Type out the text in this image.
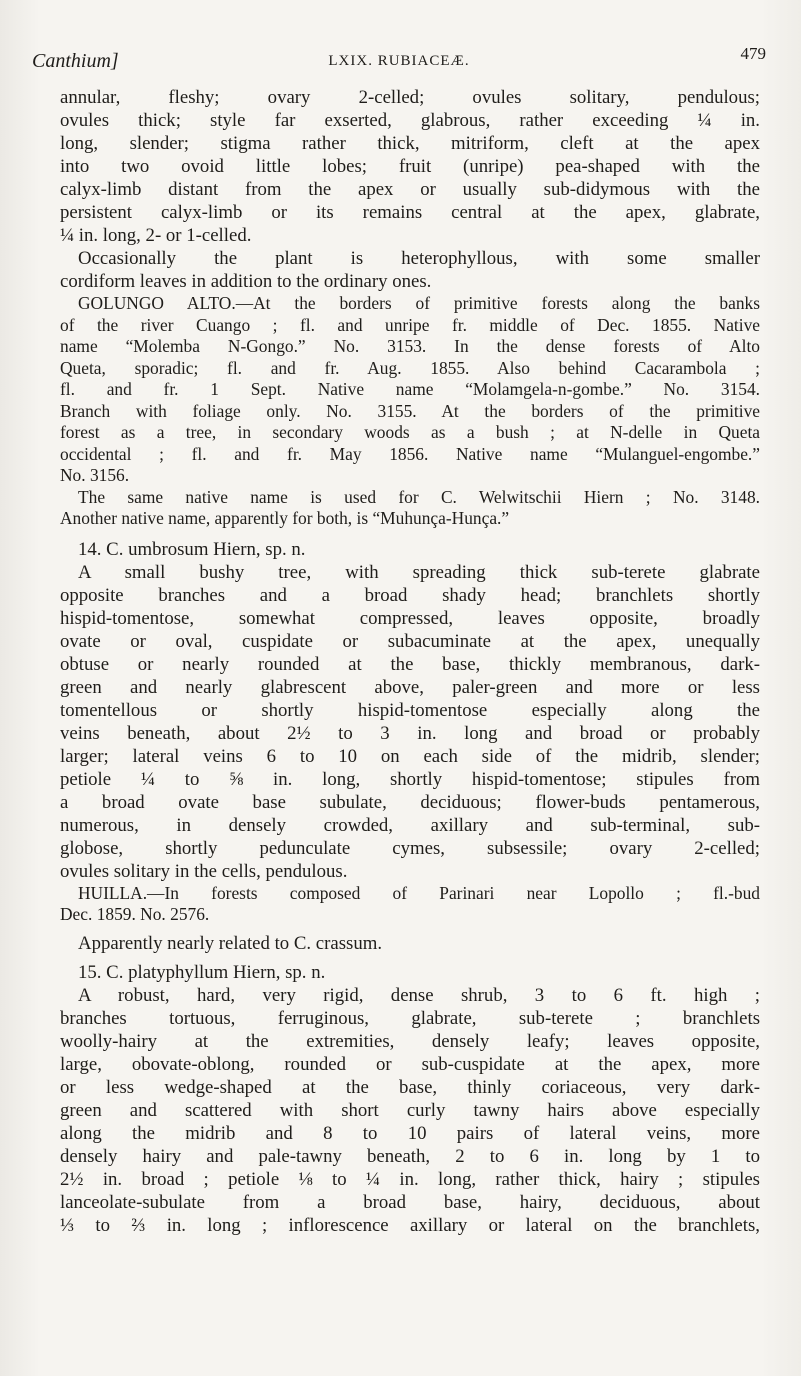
Canthium]	LXIX. RUBIACEÆ.	479

annular, fleshy; ovary 2-celled; ovules solitary, pendulous;

ovules thick; style far exserted, glabrous, rather exceeding ¼ in.

long, slender; stigma rather thick, mitriform, cleft at the apex

into two ovoid little lobes; fruit (unripe) pea-shaped with the

calyx-limb distant from the apex or usually sub-didymous with the

persistent calyx-limb or its remains central at the apex, glabrate,

¼ in. long, 2- or 1-celled.

Occasionally the plant is heterophyllous, with some smaller

cordiform leaves in addition to the ordinary ones.

GOLUNGO ALTO.—At the borders of primitive forests along the banks

of the river Cuango ; fl. and unripe fr. middle of Dec. 1855. Native

name “Molemba N-Gongo.” No. 3153. In the dense forests of Alto

Queta, sporadic; fl. and fr. Aug. 1855. Also behind Cacarambola ;

fl. and fr. 1 Sept. Native name “Molamgela-n-gombe.” No. 3154.

Branch with foliage only. No. 3155. At the borders of the primitive

forest as a tree, in secondary woods as a bush ; at N-delle in Queta

occidental ; fl. and fr. May 1856. Native name “Mulanguel-engombe.”

No. 3156.

The same native name is used for C. Welwitschii Hiern ; No. 3148.

Another native name, apparently for both, is “Muhunça-Hunça.”

14. C. umbrosum Hiern, sp. n.

A small bushy tree, with spreading thick sub-terete glabrate

opposite branches and a broad shady head; branchlets shortly

hispid-tomentose, somewhat compressed, leaves opposite, broadly

ovate or oval, cuspidate or subacuminate at the apex, unequally

obtuse or nearly rounded at the base, thickly membranous, dark-

green and nearly glabrescent above, paler-green and more or less

tomentellous or shortly hispid-tomentose especially along the

veins beneath, about 2½ to 3 in. long and broad or probably

larger; lateral veins 6 to 10 on each side of the midrib, slender;

petiole ¼ to ⅝ in. long, shortly hispid-tomentose; stipules from

a broad ovate base subulate, deciduous; flower-buds pentamerous,

numerous, in densely crowded, axillary and sub-terminal, sub-

globose, shortly pedunculate cymes, subsessile; ovary 2-celled;

ovules solitary in the cells, pendulous.

HUILLA.—In forests composed of Parinari near Lopollo ; fl.-bud

Dec. 1859. No. 2576.

Apparently nearly related to C. crassum.

15. C. platyphyllum Hiern, sp. n.

A robust, hard, very rigid, dense shrub, 3 to 6 ft. high ;

branches tortuous, ferruginous, glabrate, sub-terete ; branchlets

woolly-hairy at the extremities, densely leafy; leaves opposite,

large, obovate-oblong, rounded or sub-cuspidate at the apex, more

or less wedge-shaped at the base, thinly coriaceous, very dark-

green and scattered with short curly tawny hairs above especially

along the midrib and 8 to 10 pairs of lateral veins, more

densely hairy and pale-tawny beneath, 2 to 6 in. long by 1 to

2½ in. broad ; petiole ⅛ to ¼ in. long, rather thick, hairy ; stipules

lanceolate-subulate from a broad base, hairy, deciduous, about

⅓ to ⅔ in. long ; inflorescence axillary or lateral on the branchlets,
